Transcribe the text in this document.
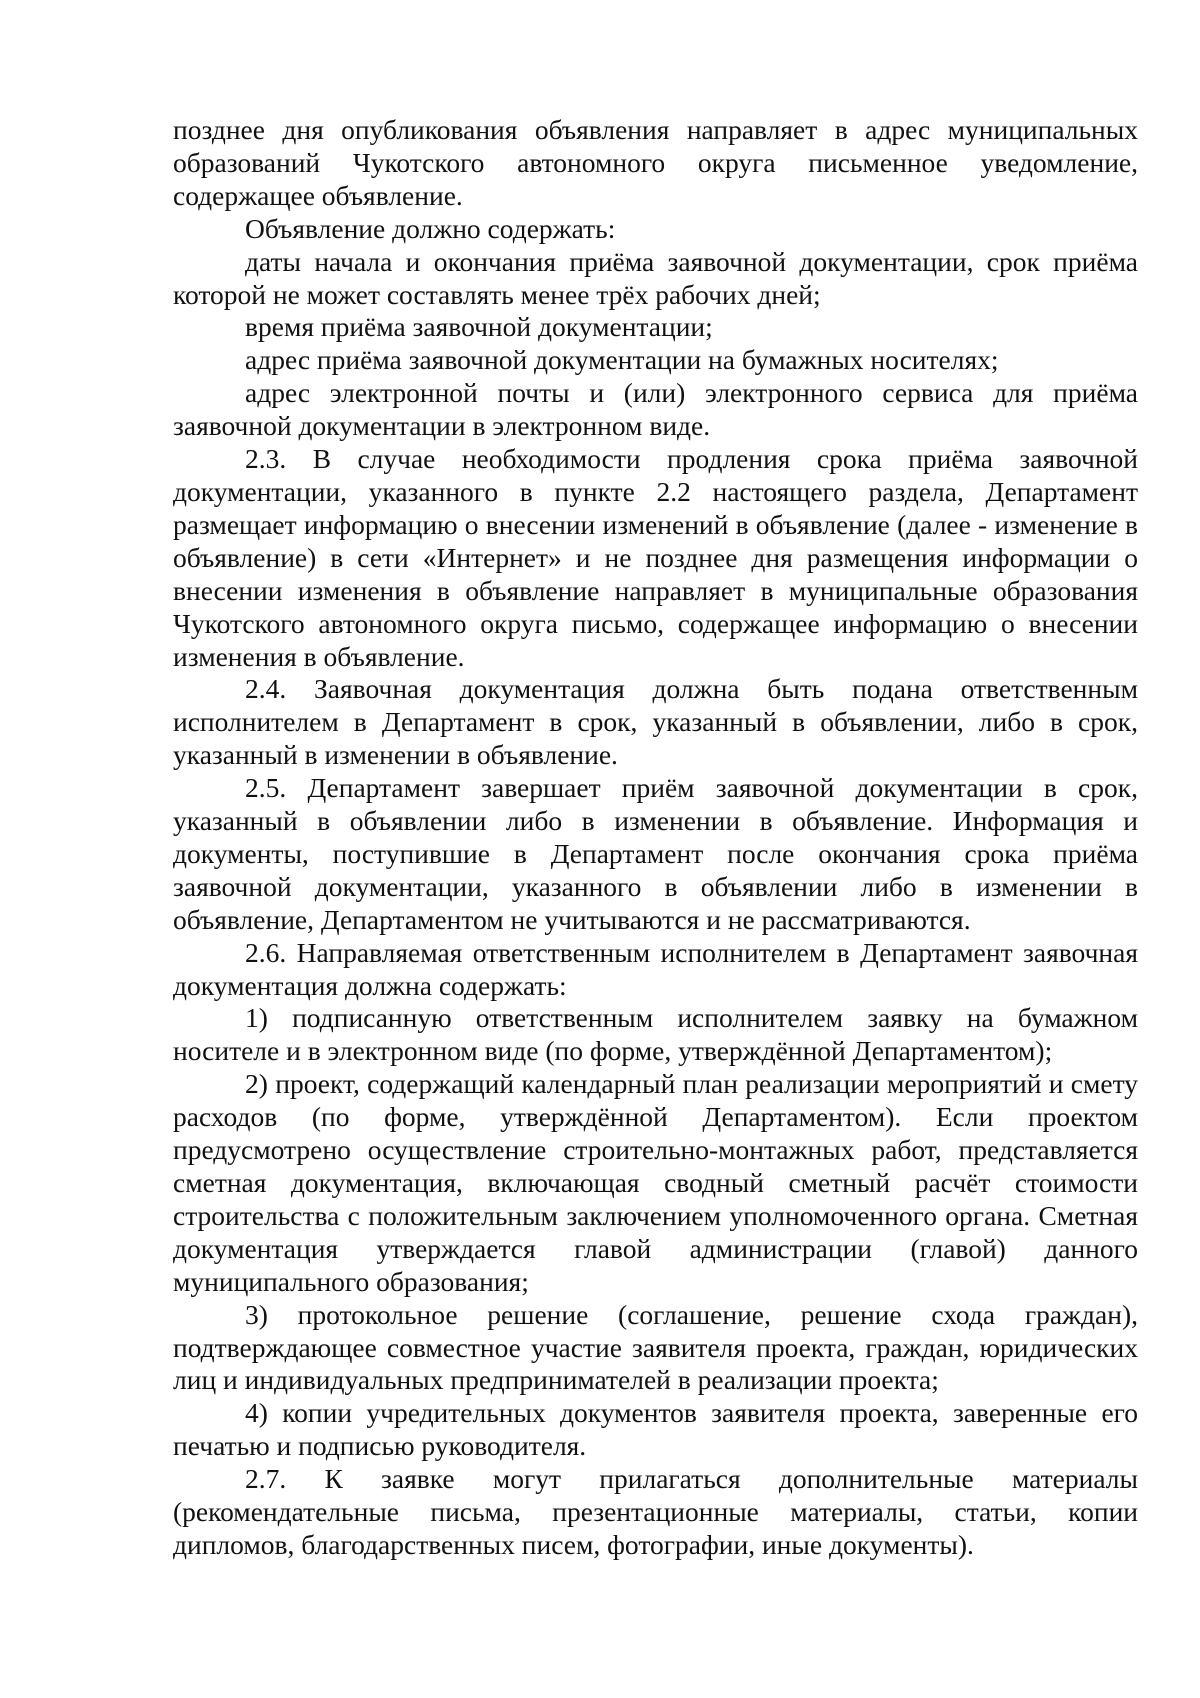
позднее дня опубликования объявления направляет в адрес муниципальных образований Чукотского автономного округа письменное уведомление, содержащее объявление.

Объявление должно содержать:

даты начала и окончания приёма заявочной документации, срок приёма которой не может составлять менее трёх рабочих дней;

время приёма заявочной документации;

адрес приёма заявочной документации на бумажных носителях;

адрес электронной почты и (или) электронного сервиса для приёма заявочной документации в электронном виде.

2.3. В случае необходимости продления срока приёма заявочной документации, указанного в пункте 2.2 настоящего раздела, Департамент размещает информацию о внесении изменений в объявление (далее - изменение в объявление) в сети «Интернет» и не позднее дня размещения информации о внесении изменения в объявление направляет в муниципальные образования Чукотского автономного округа письмо, содержащее информацию о внесении изменения в объявление.

2.4. Заявочная документация должна быть подана ответственным исполнителем в Департамент в срок, указанный в объявлении, либо в срок, указанный в изменении в объявление.

2.5. Департамент завершает приём заявочной документации в срок, указанный в объявлении либо в изменении в объявление. Информация и документы, поступившие в Департамент после окончания срока приёма заявочной документации, указанного в объявлении либо в изменении в объявление, Департаментом не учитываются и не рассматриваются.

2.6. Направляемая ответственным исполнителем в Департамент заявочная документация должна содержать:

1) подписанную ответственным исполнителем заявку на бумажном носителе и в электронном виде (по форме, утверждённой Департаментом);

2) проект, содержащий календарный план реализации мероприятий и смету расходов (по форме, утверждённой Департаментом). Если проектом предусмотрено осуществление строительно-монтажных работ, представляется сметная документация, включающая сводный сметный расчёт стоимости строительства с положительным заключением уполномоченного органа. Сметная документация утверждается главой администрации (главой) данного муниципального образования;

3) протокольное решение (соглашение, решение схода граждан), подтверждающее совместное участие заявителя проекта, граждан, юридических лиц и индивидуальных предпринимателей в реализации проекта;

4) копии учредительных документов заявителя проекта, заверенные его печатью и подписью руководителя.

2.7. К заявке могут прилагаться дополнительные материалы (рекомендательные письма, презентационные материалы, статьи, копии дипломов, благодарственных писем, фотографии, иные документы).
